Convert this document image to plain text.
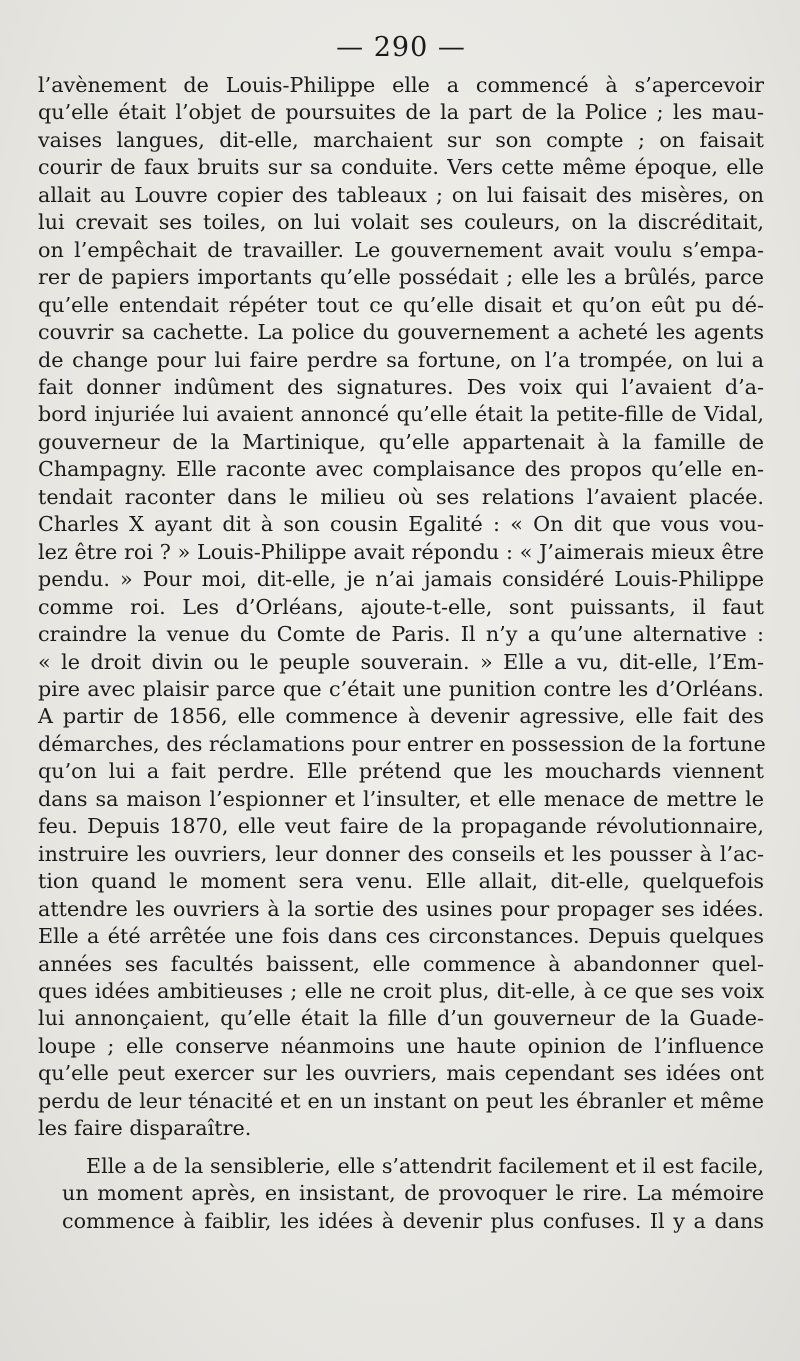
— 290 —

l’avènement de Louis-Philippe elle a commencé à s’apercevoir
qu’elle était l’objet de poursuites de la part de la Police ; les mau-
vaises langues, dit-elle, marchaient sur son compte ; on faisait
courir de faux bruits sur sa conduite. Vers cette même époque, elle
allait au Louvre copier des tableaux ; on lui faisait des misères, on
lui crevait ses toiles, on lui volait ses couleurs, on la discréditait,
on l’empêchait de travailler. Le gouvernement avait voulu s’empa-
rer de papiers importants qu’elle possédait ; elle les a brûlés, parce
qu’elle entendait répéter tout ce qu’elle disait et qu’on eût pu dé-
couvrir sa cachette. La police du gouvernement a acheté les agents
de change pour lui faire perdre sa fortune, on l’a trompée, on lui a
fait donner indûment des signatures. Des voix qui l’avaient d’a-
bord injuriée lui avaient annoncé qu’elle était la petite-fille de Vidal,
gouverneur de la Martinique, qu’elle appartenait à la famille de
Champagny. Elle raconte avec complaisance des propos qu’elle en-
tendait raconter dans le milieu où ses relations l’avaient placée.
Charles X ayant dit à son cousin Egalité : « On dit que vous vou-
lez être roi ? » Louis-Philippe avait répondu : « J’aimerais mieux être
pendu. » Pour moi, dit-elle, je n’ai jamais considéré Louis-Philippe
comme roi. Les d’Orléans, ajoute-t-elle, sont puissants, il faut
craindre la venue du Comte de Paris. Il n’y a qu’une alternative :
« le droit divin ou le peuple souverain. » Elle a vu, dit-elle, l’Em-
pire avec plaisir parce que c’était une punition contre les d’Orléans.
A partir de 1856, elle commence à devenir agressive, elle fait des
démarches, des réclamations pour entrer en possession de la fortune
qu’on lui a fait perdre. Elle prétend que les mouchards viennent
dans sa maison l’espionner et l’insulter, et elle menace de mettre le
feu. Depuis 1870, elle veut faire de la propagande révolutionnaire,
instruire les ouvriers, leur donner des conseils et les pousser à l’ac-
tion quand le moment sera venu. Elle allait, dit-elle, quelquefois
attendre les ouvriers à la sortie des usines pour propager ses idées.
Elle a été arrêtée une fois dans ces circonstances. Depuis quelques
années ses facultés baissent, elle commence à abandonner quel-
ques idées ambitieuses ; elle ne croit plus, dit-elle, à ce que ses voix
lui annonçaient, qu’elle était la fille d’un gouverneur de la Guade-
loupe ; elle conserve néanmoins une haute opinion de l’influence
qu’elle peut exercer sur les ouvriers, mais cependant ses idées ont
perdu de leur ténacité et en un instant on peut les ébranler et même
les faire disparaître.

Elle a de la sensiblerie, elle s’attendrit facilement et il est facile,
un moment après, en insistant, de provoquer le rire. La mémoire
commence à faiblir, les idées à devenir plus confuses. Il y a dans
